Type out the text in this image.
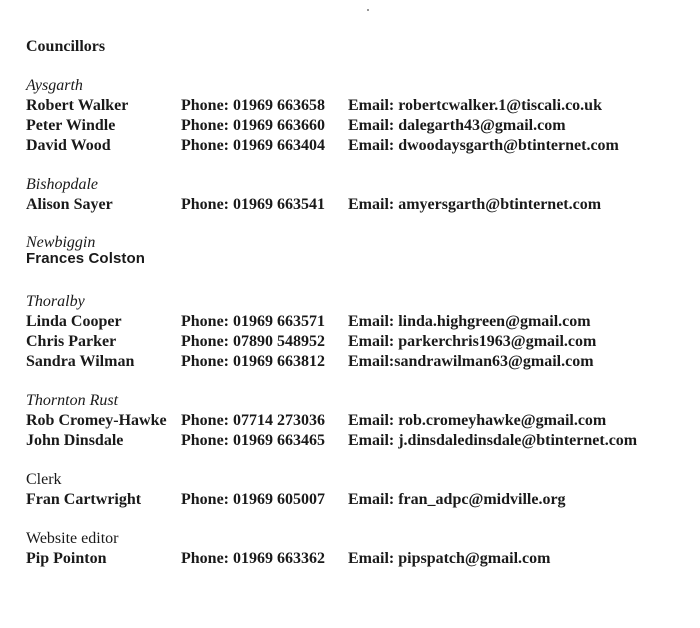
Councillors
Aysgarth
Robert Walker	Phone: 01969 663658 Email: robertcwalker.1@tiscali.co.uk
Peter Windle	Phone: 01969 663660 Email: dalegarth43@gmail.com
David Wood	Phone: 01969 663404 Email: dwoodaysgarth@btinternet.com
Bishopdale
Alison Sayer	Phone: 01969 663541 Email: amyersgarth@btinternet.com
Newbiggin
Frances Colston
Thoralby
Linda Cooper	Phone: 01969 663571 Email: linda.highgreen@gmail.com
Chris Parker	Phone: 07890 548952 Email: parkerchris1963@gmail.com
Sandra Wilman	Phone: 01969 663812 Email:sandrawilman63@gmail.com
Thornton Rust
Rob Cromey-Hawke Phone: 07714 273036 Email: rob.cromeyhawke@gmail.com
John Dinsdale	Phone: 01969 663465 Email: j.dinsdaledinsdale@btinternet.com
Clerk
Fran Cartwright Phone: 01969 605007 Email: fran_adpc@midville.org
Website editor
Pip Pointon	Phone: 01969 663362 Email: pipspatch@gmail.com
